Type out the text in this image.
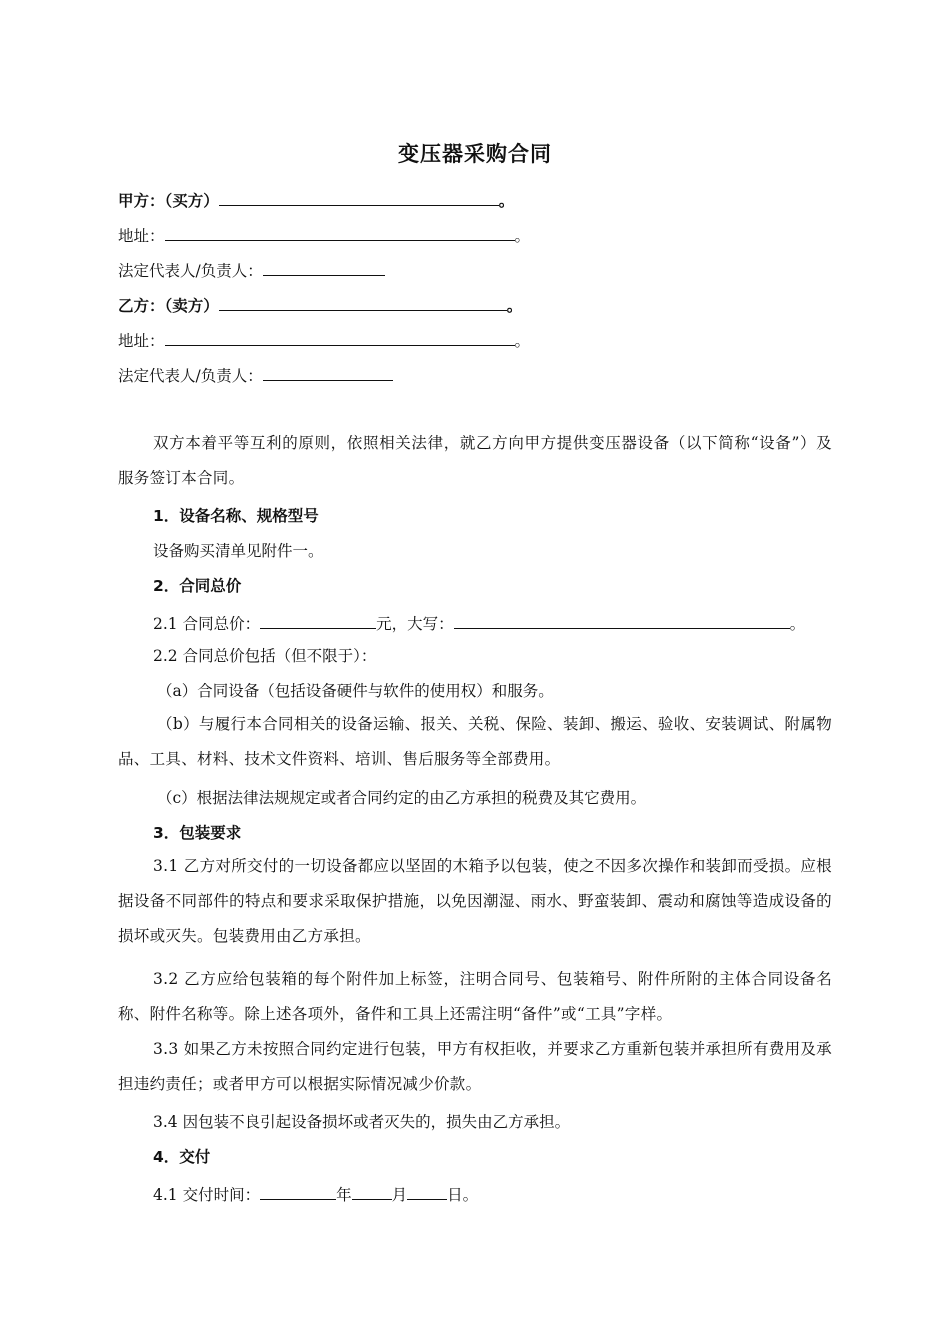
变压器采购合同
甲方：（买方）	。
地址：	。
法定代表人/负责人：
乙方：（卖方）	。
地址：	。
法定代表人/负责人：
双方本着平等互利的原则，依照相关法律，就乙方向甲方提供变压器设备（以下简称“设备”）及服务签订本合同。
1．设备名称、规格型号
设备购买清单见附件一。
2．合同总价
2.1 合同总价：	元，大写：	。
2.2 合同总价包括（但不限于）：
（a）合同设备（包括设备硬件与软件的使用权）和服务。
（b）与履行本合同相关的设备运输、报关、关税、保险、装卸、搬运、验收、安装调试、附属物品、工具、材料、技术文件资料、培训、售后服务等全部费用。
（c）根据法律法规规定或者合同约定的由乙方承担的税费及其它费用。
3．包装要求
3.1 乙方对所交付的一切设备都应以坚固的木箱予以包装，使之不因多次操作和装卸而受损。应根据设备不同部件的特点和要求采取保护措施，以免因潮湿、雨水、野蛮装卸、震动和腐蚀等造成设备的损坏或灭失。包装费用由乙方承担。
3.2 乙方应给包装箱的每个附件加上标签，注明合同号、包装箱号、附件所附的主体合同设备名称、附件名称等。除上述各项外，备件和工具上还需注明“备件”或“工具”字样。
3.3 如果乙方未按照合同约定进行包装，甲方有权拒收，并要求乙方重新包装并承担所有费用及承担违约责任；或者甲方可以根据实际情况减少价款。
3.4 因包装不良引起设备损坏或者灭失的，损失由乙方承担。
4．交付
4.1 交付时间：	年	月	日。
